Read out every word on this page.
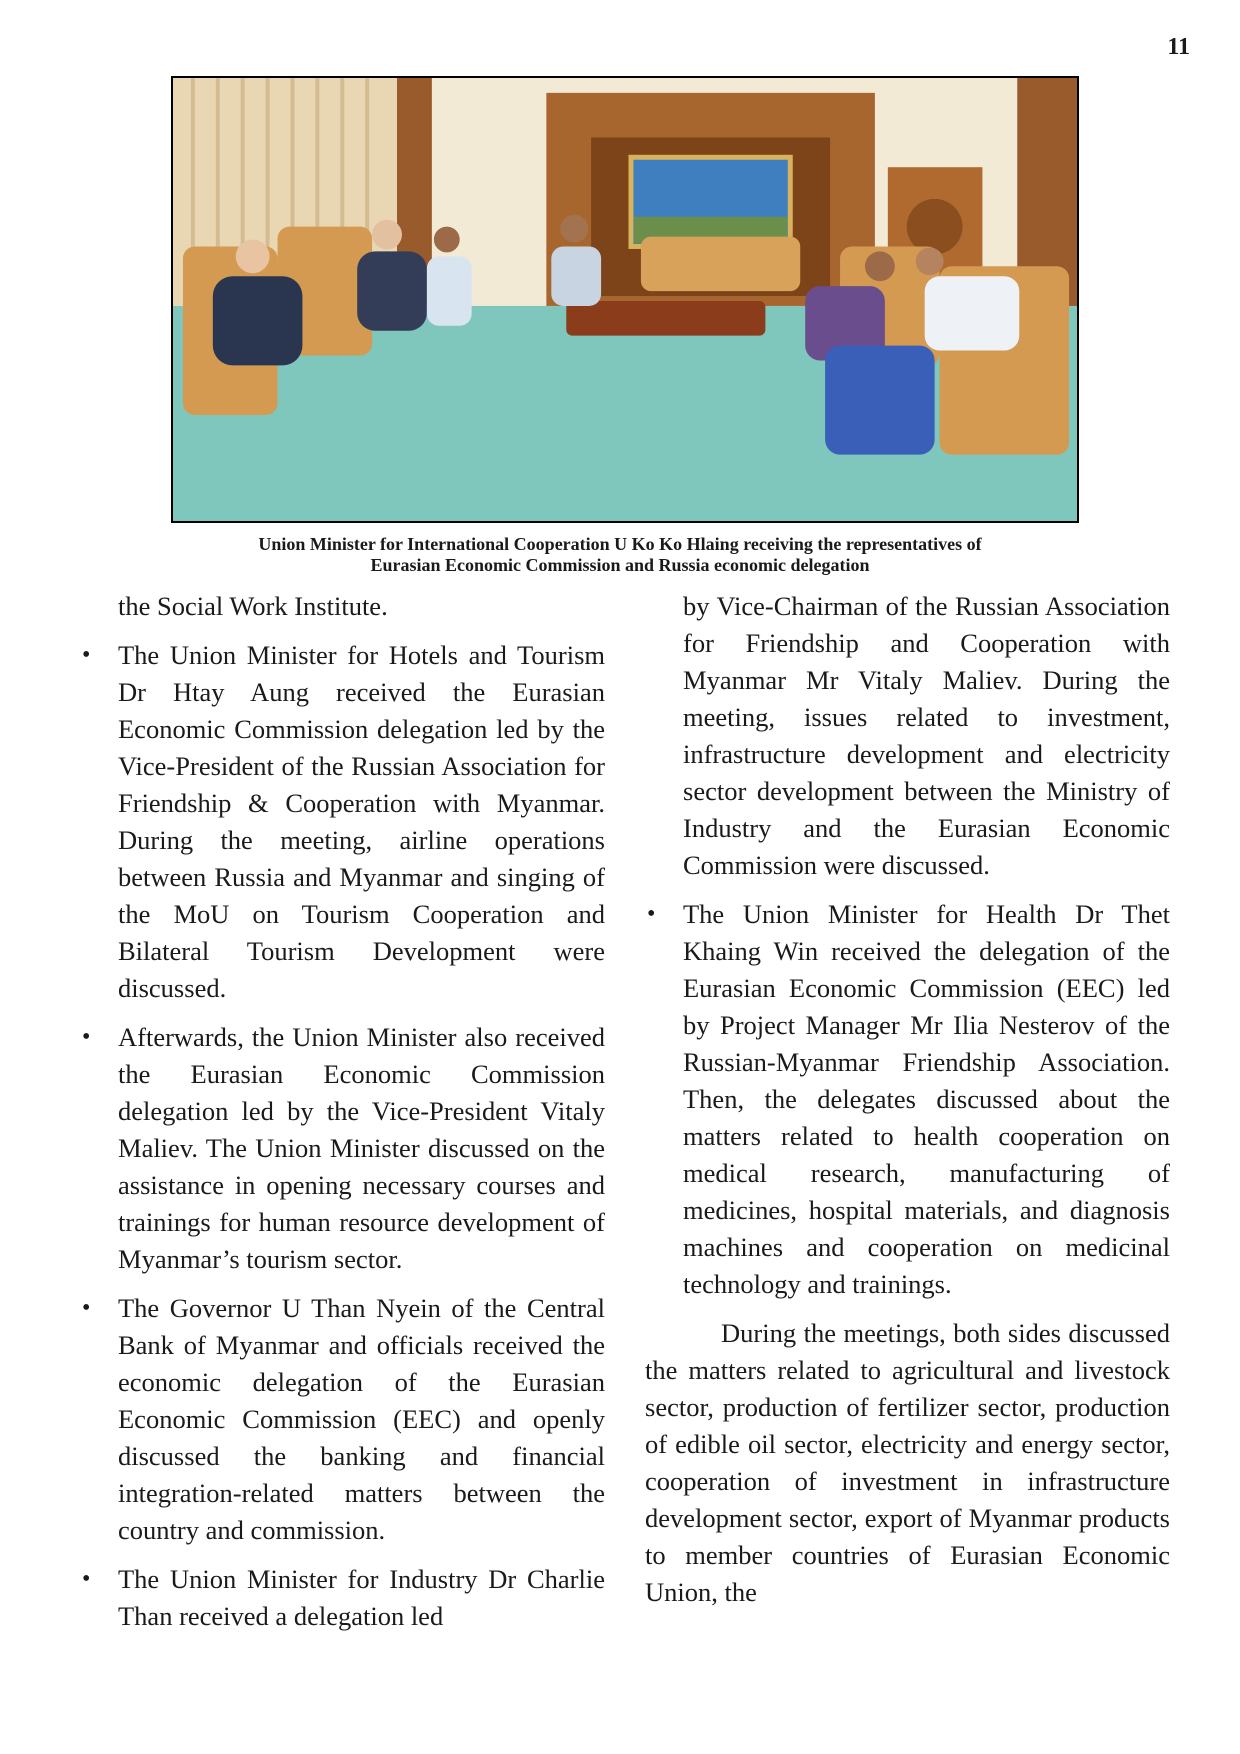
11
Union Minister for International Cooperation U Ko Ko Hlaing receiving the representatives of
Eurasian Economic Commission and Russia economic delegation

the Social Work Institute.

• The Union Minister for Hotels and Tourism Dr Htay Aung received the Eurasian Economic Commission delegation led by the Vice-President of the Russian Association for Friendship & Cooperation with Myanmar. During the meeting, airline operations between Russia and Myanmar and singing of the MoU on Tourism Cooperation and Bilateral Tourism Development were discussed.
• Afterwards, the Union Minister also received the Eurasian Economic Commission delegation led by the Vice-President Vitaly Maliev. The Union Minister discussed on the assistance in opening necessary courses and trainings for human resource development of Myanmar’s tourism sector.
• The Governor U Than Nyein of the Central Bank of Myanmar and officials received the economic delegation of the Eurasian Economic Commission (EEC) and openly discussed the banking and financial integration-related matters between the country and commission.
• The Union Minister for Industry Dr Charlie Than received a delegation led

by Vice-Chairman of the Russian Association for Friendship and Cooperation with Myanmar Mr Vitaly Maliev. During the meeting, issues related to investment, infrastructure development and electricity sector development between the Ministry of Industry and the Eurasian Economic Commission were discussed.

• The Union Minister for Health Dr Thet Khaing Win received the delegation of the Eurasian Economic Commission (EEC) led by Project Manager Mr Ilia Nesterov of the Russian-Myanmar Friendship Association. Then, the delegates discussed about the matters related to health cooperation on medical research, manufacturing of medicines, hospital materials, and diagnosis machines and cooperation on medicinal technology and trainings.

During the meetings, both sides discussed the matters related to agricultural and livestock sector, production of fertilizer sector, production of edible oil sector, electricity and energy sector, cooperation of investment in infrastructure development sector, export of Myanmar products to member countries of Eurasian Economic Union, the
